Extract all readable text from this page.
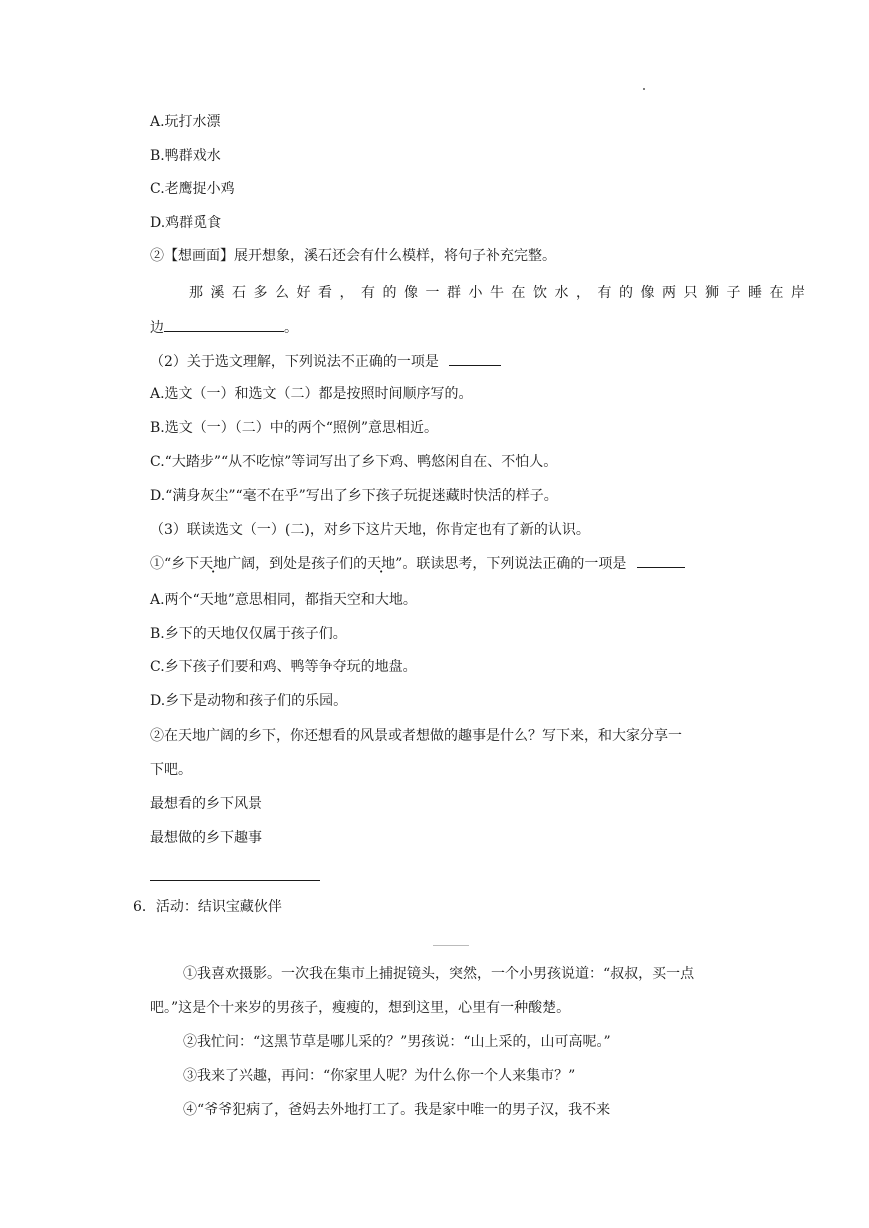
A.玩打水漂
B.鸭群戏水
C.老鹰捉小鸡
D.鸡群觅食
②【想画面】展开想象，溪石还会有什么模样，将句子补充完整。
那溪石多么好看，有的像一群小牛在饮水，有的像两只狮子睡在岸
边	。
（2）关于选文理解，下列说法不正确的一项是
A.选文（一）和选文（二）都是按照时间顺序写的。
B.选文（一）（二）中的两个“照例”意思相近。
C.“大踏步”“从不吃惊”等词写出了乡下鸡、鸭悠闲自在、不怕人。
D.“满身灰尘”“毫不在乎”写出了乡下孩子玩捉迷藏时快活的样子。
（3）联读选文（一）(二)，对乡下这片天地，你肯定也有了新的认识。
①“乡下天地广阔，到处是孩子们的天地”。联读思考，下列说法正确的一项是
A.两个“天地”意思相同，都指天空和大地。
B.乡下的天地仅仅属于孩子们。
C.乡下孩子们要和鸡、鸭等争夺玩的地盘。
D.乡下是动物和孩子们的乐园。
②在天地广阔的乡下，你还想看的风景或者想做的趣事是什么？写下来，和大家分享一
下吧。
最想看的乡下风景
最想做的乡下趣事
6．活动：结识宝藏伙伴
①我喜欢摄影。一次我在集市上捕捉镜头，突然，一个小男孩说道：“叔叔，买一点
吧。”这是个十来岁的男孩子，瘦瘦的，想到这里，心里有一种酸楚。
②我忙问：“这黑节草是哪儿采的？”男孩说：“山上采的，山可高呢。”
③我来了兴趣，再问：“你家里人呢？为什么你一个人来集市？”
④“爷爷犯病了，爸妈去外地打工了。我是家中唯一的男子汉，我不来
